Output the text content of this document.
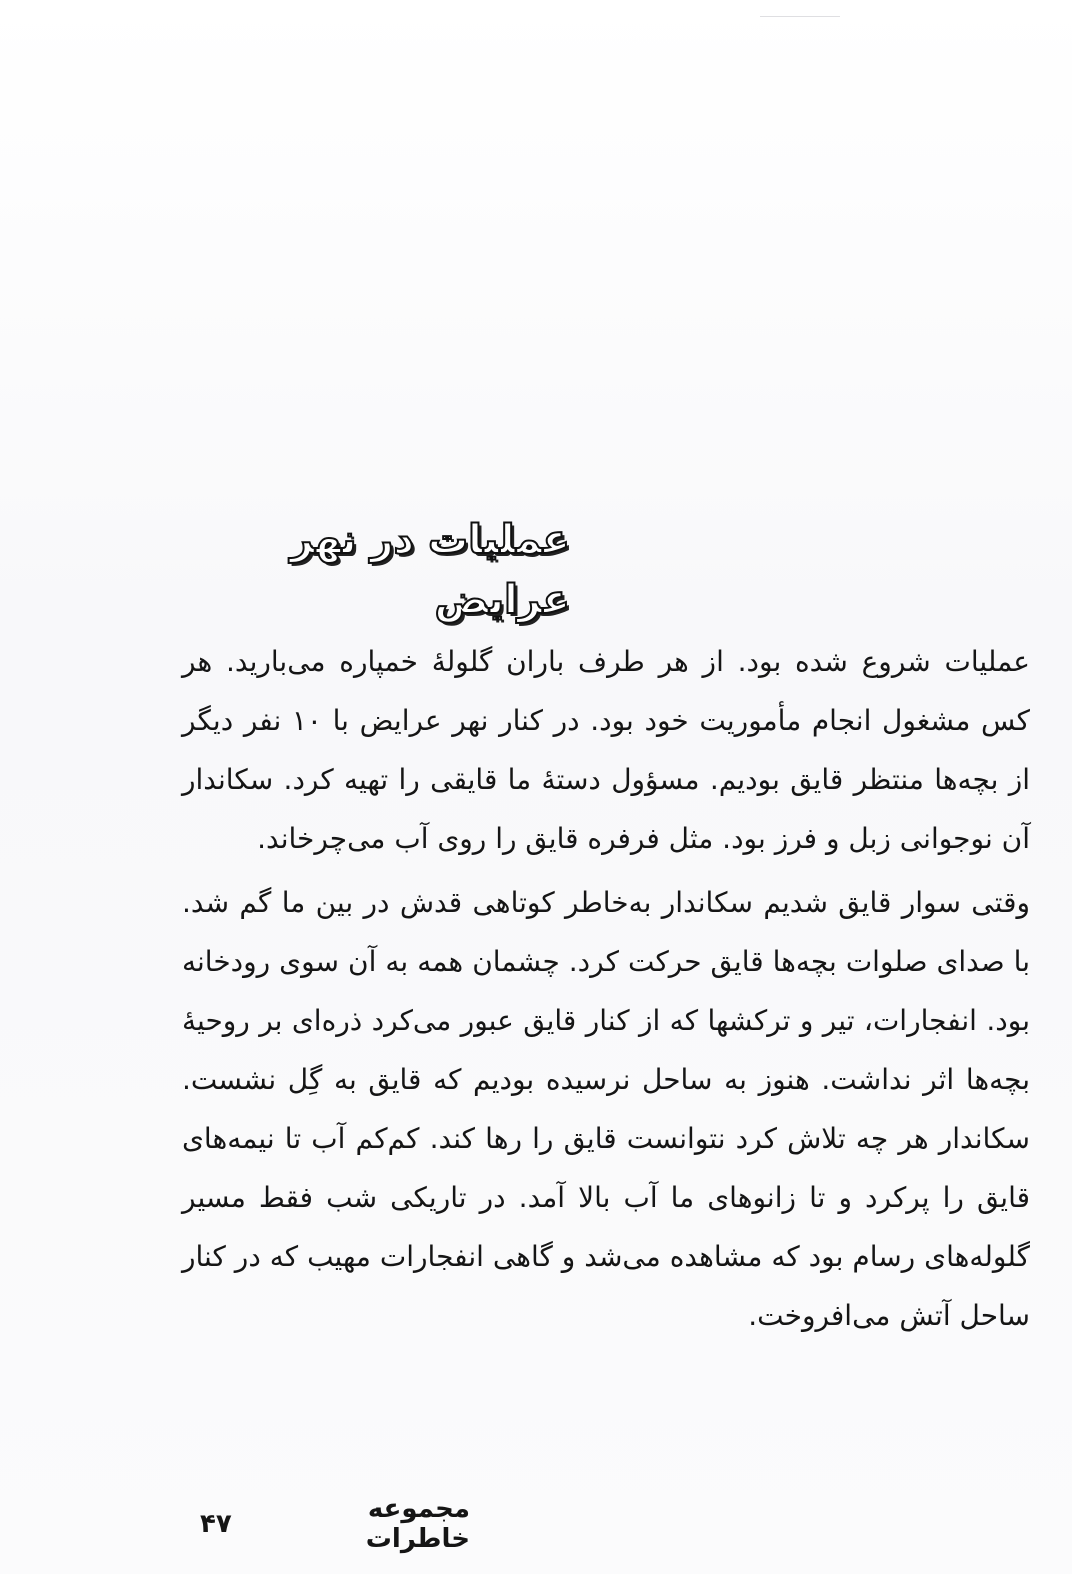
عملیات در نهر عرایض

عملیات شروع شده بود. از هر طرف باران گلولهٔ خمپاره می‌بارید. هر کس مشغول انجام مأموریت خود بود. در کنار نهر عرایض با ۱۰ نفر دیگر از بچه‌ها منتظر قایق بودیم. مسؤول دستهٔ ما قایقی را تهیه کرد. سکاندار آن نوجوانی زبل و فرز بود. مثل فرفره قایق را روی آب می‌چرخاند.

وقتی سوار قایق شدیم سکاندار به‌خاطر کوتاهی قدش در بین ما گم شد. با صدای صلوات بچه‌ها قایق حرکت کرد. چشمان همه به آن سوی رودخانه بود. انفجارات، تیر و ترکشها که از کنار قایق عبور می‌کرد ذره‌ای بر روحیهٔ بچه‌ها اثر نداشت. هنوز به ساحل نرسیده بودیم که قایق به گِل نشست. سکاندار هر چه تلاش کرد نتوانست قایق را رها کند. کم‌کم آب تا نیمه‌های قایق را پرکرد و تا زانوهای ما آب بالا آمد. در تاریکی شب فقط مسیر گلوله‌های رسام بود که مشاهده می‌شد و گاهی انفجارات مهیب که در کنار ساحل آتش می‌افروخت.

مجموعه خاطرات
۴۷
